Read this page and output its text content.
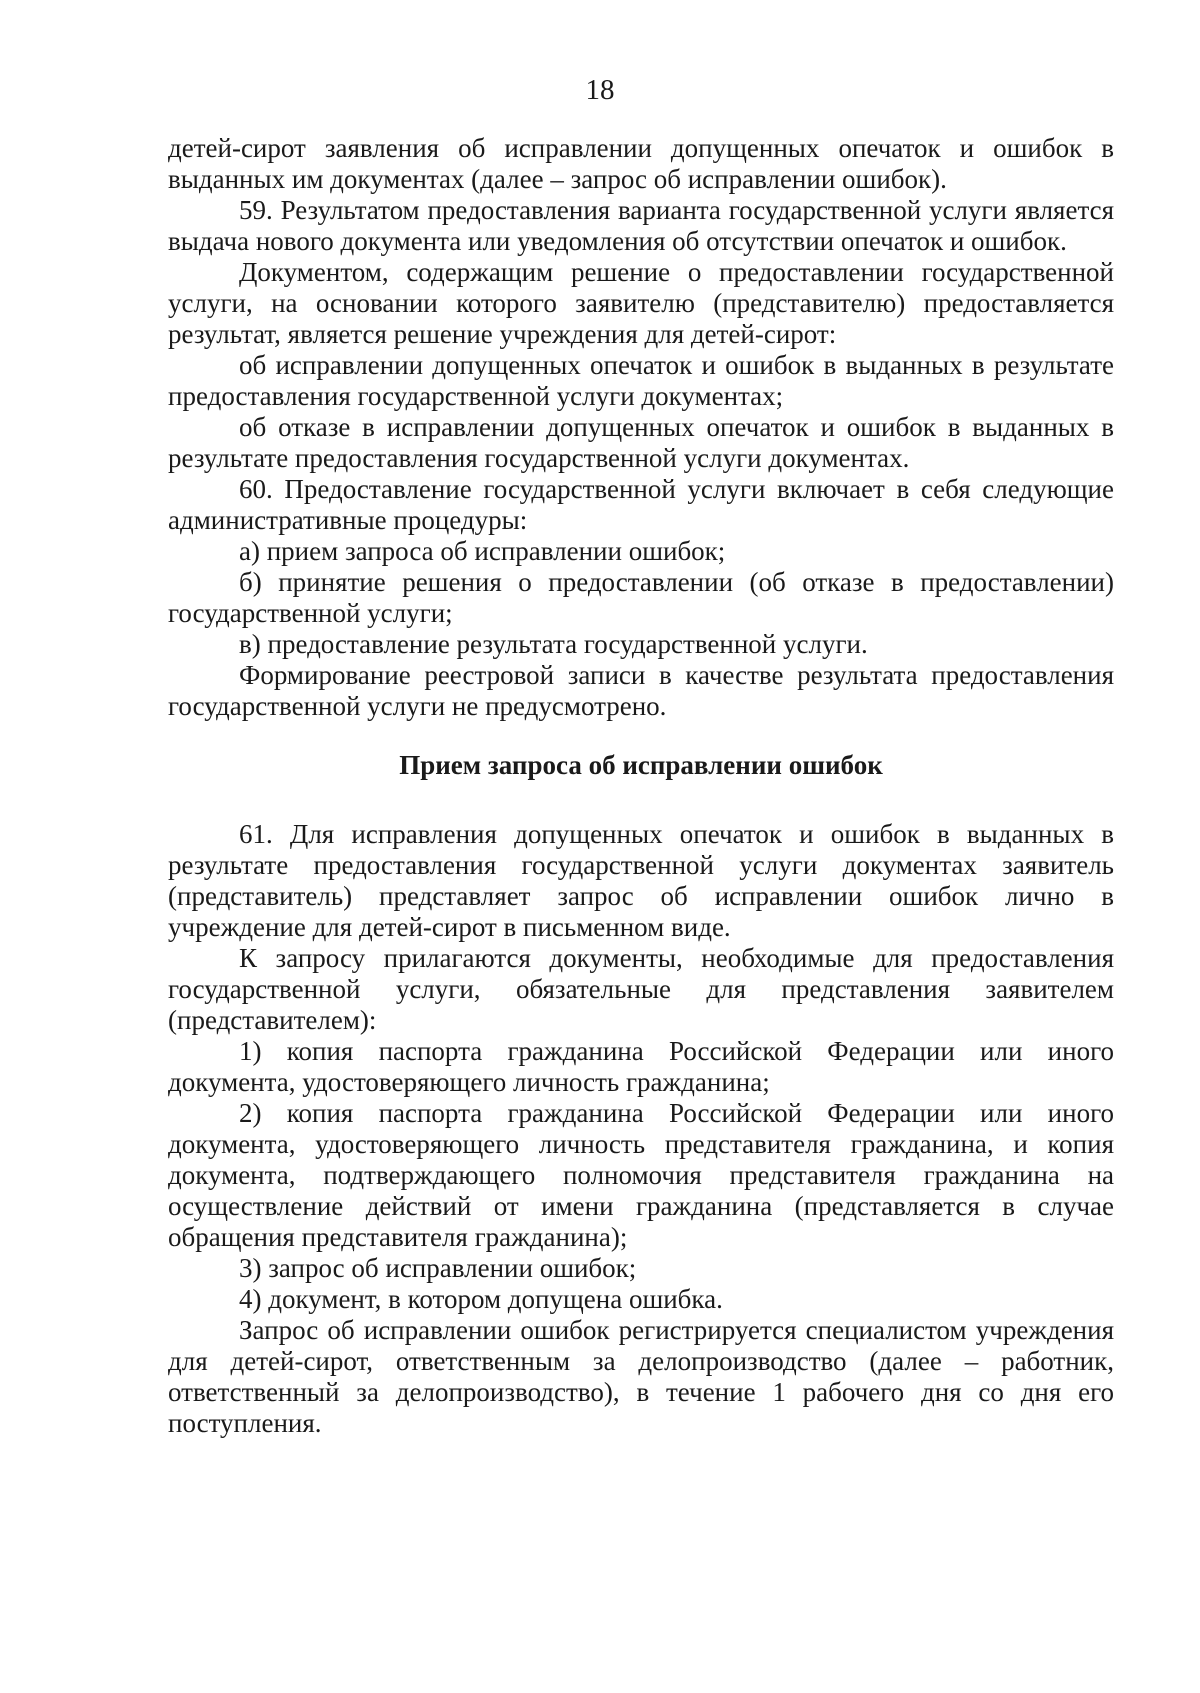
18

детей-сирот заявления об исправлении допущенных опечаток и ошибок в выданных им документах (далее – запрос об исправлении ошибок).

59. Результатом предоставления варианта государственной услуги является выдача нового документа или уведомления об отсутствии опечаток и ошибок.

Документом, содержащим решение о предоставлении государственной услуги, на основании которого заявителю (представителю) предоставляется результат, является решение учреждения для детей-сирот:

об исправлении допущенных опечаток и ошибок в выданных в результате предоставления государственной услуги документах;

об отказе в исправлении допущенных опечаток и ошибок в выданных в результате предоставления государственной услуги документах.

60. Предоставление государственной услуги включает в себя следующие административные процедуры:

а) прием запроса об исправлении ошибок;

б) принятие решения о предоставлении (об отказе в предоставлении) государственной услуги;

в) предоставление результата государственной услуги.

Формирование реестровой записи в качестве результата предоставления государственной услуги не предусмотрено.

Прием запроса об исправлении ошибок

61. Для исправления допущенных опечаток и ошибок в выданных в результате предоставления государственной услуги документах заявитель (представитель) представляет запрос об исправлении ошибок лично в учреждение для детей-сирот в письменном виде.

К запросу прилагаются документы, необходимые для предоставления государственной услуги, обязательные для представления заявителем (представителем):

1) копия паспорта гражданина Российской Федерации или иного документа, удостоверяющего личность гражданина;

2) копия паспорта гражданина Российской Федерации или иного документа, удостоверяющего личность представителя гражданина, и копия документа, подтверждающего полномочия представителя гражданина на осуществление действий от имени гражданина (представляется в случае обращения представителя гражданина);

3) запрос об исправлении ошибок;

4) документ, в котором допущена ошибка.

Запрос об исправлении ошибок регистрируется специалистом учреждения для детей-сирот, ответственным за делопроизводство (далее – работник, ответственный за делопроизводство), в течение 1 рабочего дня со дня его поступления.
